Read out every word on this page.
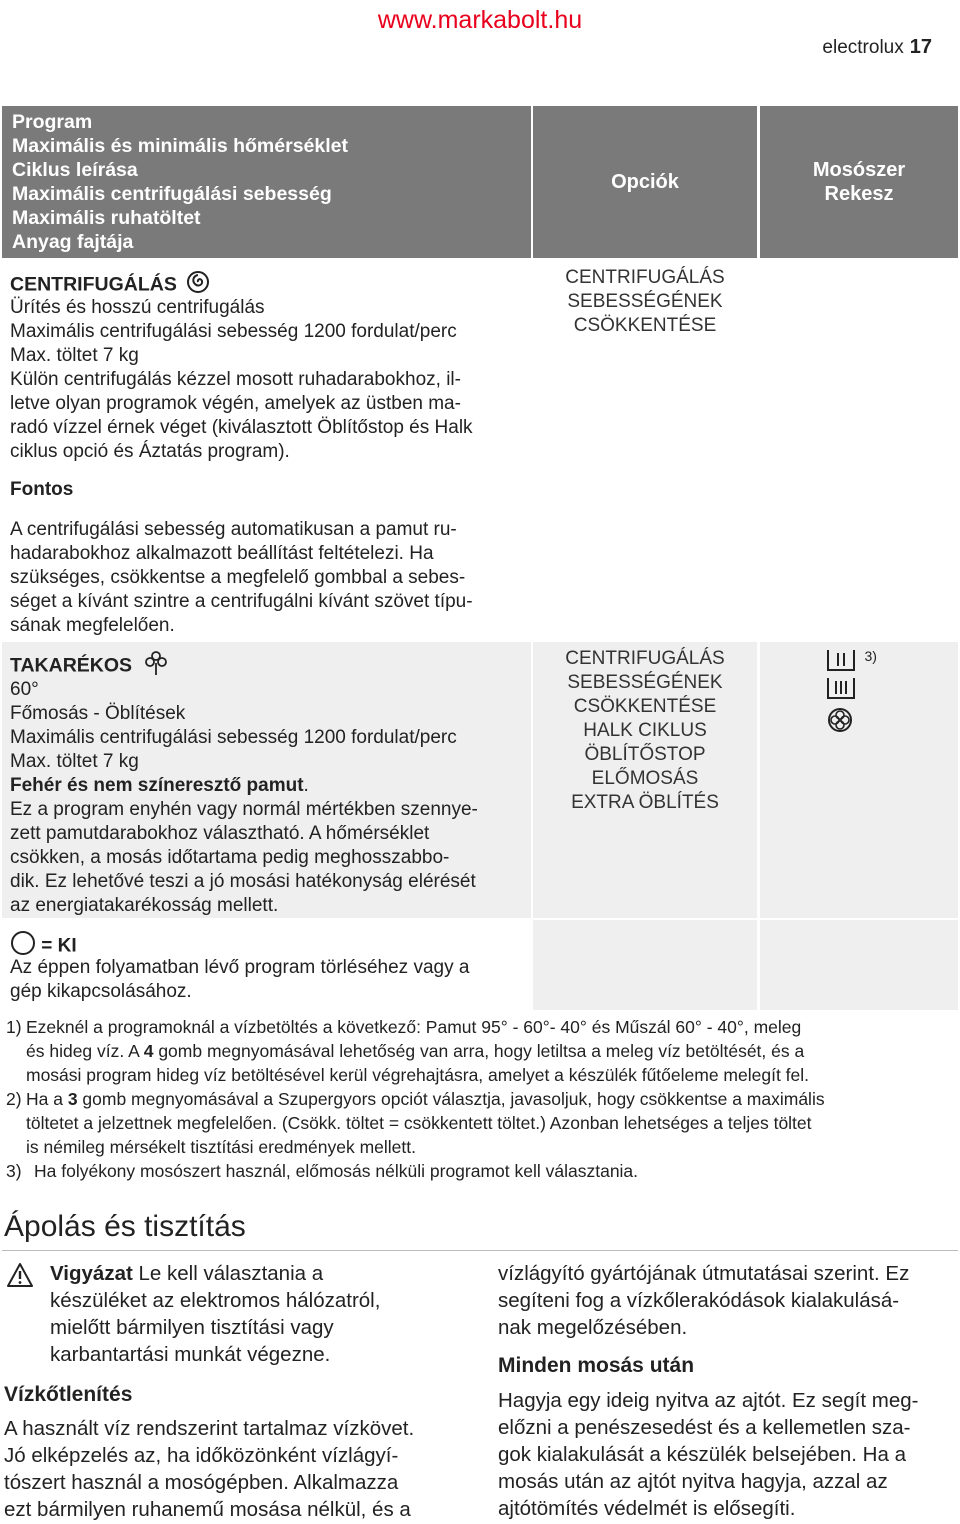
www.markabolt.hu
electrolux 17
Program
Maximális és minimális hőmérséklet
Ciklus leírása
Maximális centrifugálási sebesség
Maximális ruhatöltet
Anyag fajtája
Opciók
Mosószer
Rekesz
CENTRIFUGÁLÁS
Ürítés és hosszú centrifugálás
Maximális centrifugálási sebesség 1200 fordulat/perc
Max. töltet 7 kg
Külön centrifugálás kézzel mosott ruhadarabokhoz, il-
letve olyan programok végén, amelyek az üstben ma-
radó vízzel érnek véget (kiválasztott Öblítőstop és Halk
ciklus opció és Áztatás program).
Fontos
A centrifugálási sebesség automatikusan a pamut ru-
hadarabokhoz alkalmazott beállítást feltételezi. Ha
szükséges, csökkentse a megfelelő gombbal a sebes-
séget a kívánt szintre a centrifugálni kívánt szövet típu-
sának megfelelően.
CENTRIFUGÁLÁS
SEBESSÉGÉNEK
CSÖKKENTÉSE
TAKARÉKOS
60°
Főmosás - Öblítések
Maximális centrifugálási sebesség 1200 fordulat/perc
Max. töltet 7 kg
Fehér és nem színeresztő pamut.
Ez a program enyhén vagy normál mértékben szennye-
zett pamutdarabokhoz választható. A hőmérséklet
csökken, a mosás időtartama pedig meghosszabbo-
dik. Ez lehetővé teszi a jó mosási hatékonyság elérését
az energiatakarékosság mellett.
CENTRIFUGÁLÁS
SEBESSÉGÉNEK
CSÖKKENTÉSE
HALK CIKLUS
ÖBLÍTŐSTOP
ELŐMOSÁS
EXTRA ÖBLÍTÉS
3)
= KI
Az éppen folyamatban lévő program törléséhez vagy a
gép kikapcsolásához.
1) Ezeknél a programoknál a vízbetöltés a következő: Pamut 95° - 60°- 40° és Műszál 60° - 40°, meleg
és hideg víz. A 4 gomb megnyomásával lehetőség van arra, hogy letiltsa a meleg víz betöltését, és a
mosási program hideg víz betöltésével kerül végrehajtásra, amelyet a készülék fűtőeleme melegít fel.
2) Ha a 3 gomb megnyomásával a Szupergyors opciót választja, javasoljuk, hogy csökkentse a maximális
töltetet a jelzettnek megfelelően. (Csökk. töltet = csökkentett töltet.) Azonban lehetséges a teljes töltet
is némileg mérsékelt tisztítási eredmények mellett.
3) Ha folyékony mosószert használ, előmosás nélküli programot kell választania.
Ápolás és tisztítás
Vigyázat Le kell választania a
készüléket az elektromos hálózatról,
mielőtt bármilyen tisztítási vagy
karbantartási munkát végezne.
Vízkőtlenítés
A használt víz rendszerint tartalmaz vízkövet.
Jó elképzelés az, ha időközönként vízlágyí-
tószert használ a mosógépben. Alkalmazza
ezt bármilyen ruhanemű mosása nélkül, és a
vízlágyító gyártójának útmutatásai szerint. Ez
segíteni fog a vízkőlerakódások kialakulásá-
nak megelőzésében.
Minden mosás után
Hagyja egy ideig nyitva az ajtót. Ez segít meg-
előzni a penészesedést és a kellemetlen sza-
gok kialakulását a készülék belsejében. Ha a
mosás után az ajtót nyitva hagyja, azzal az
ajtótömítés védelmét is elősegíti.
